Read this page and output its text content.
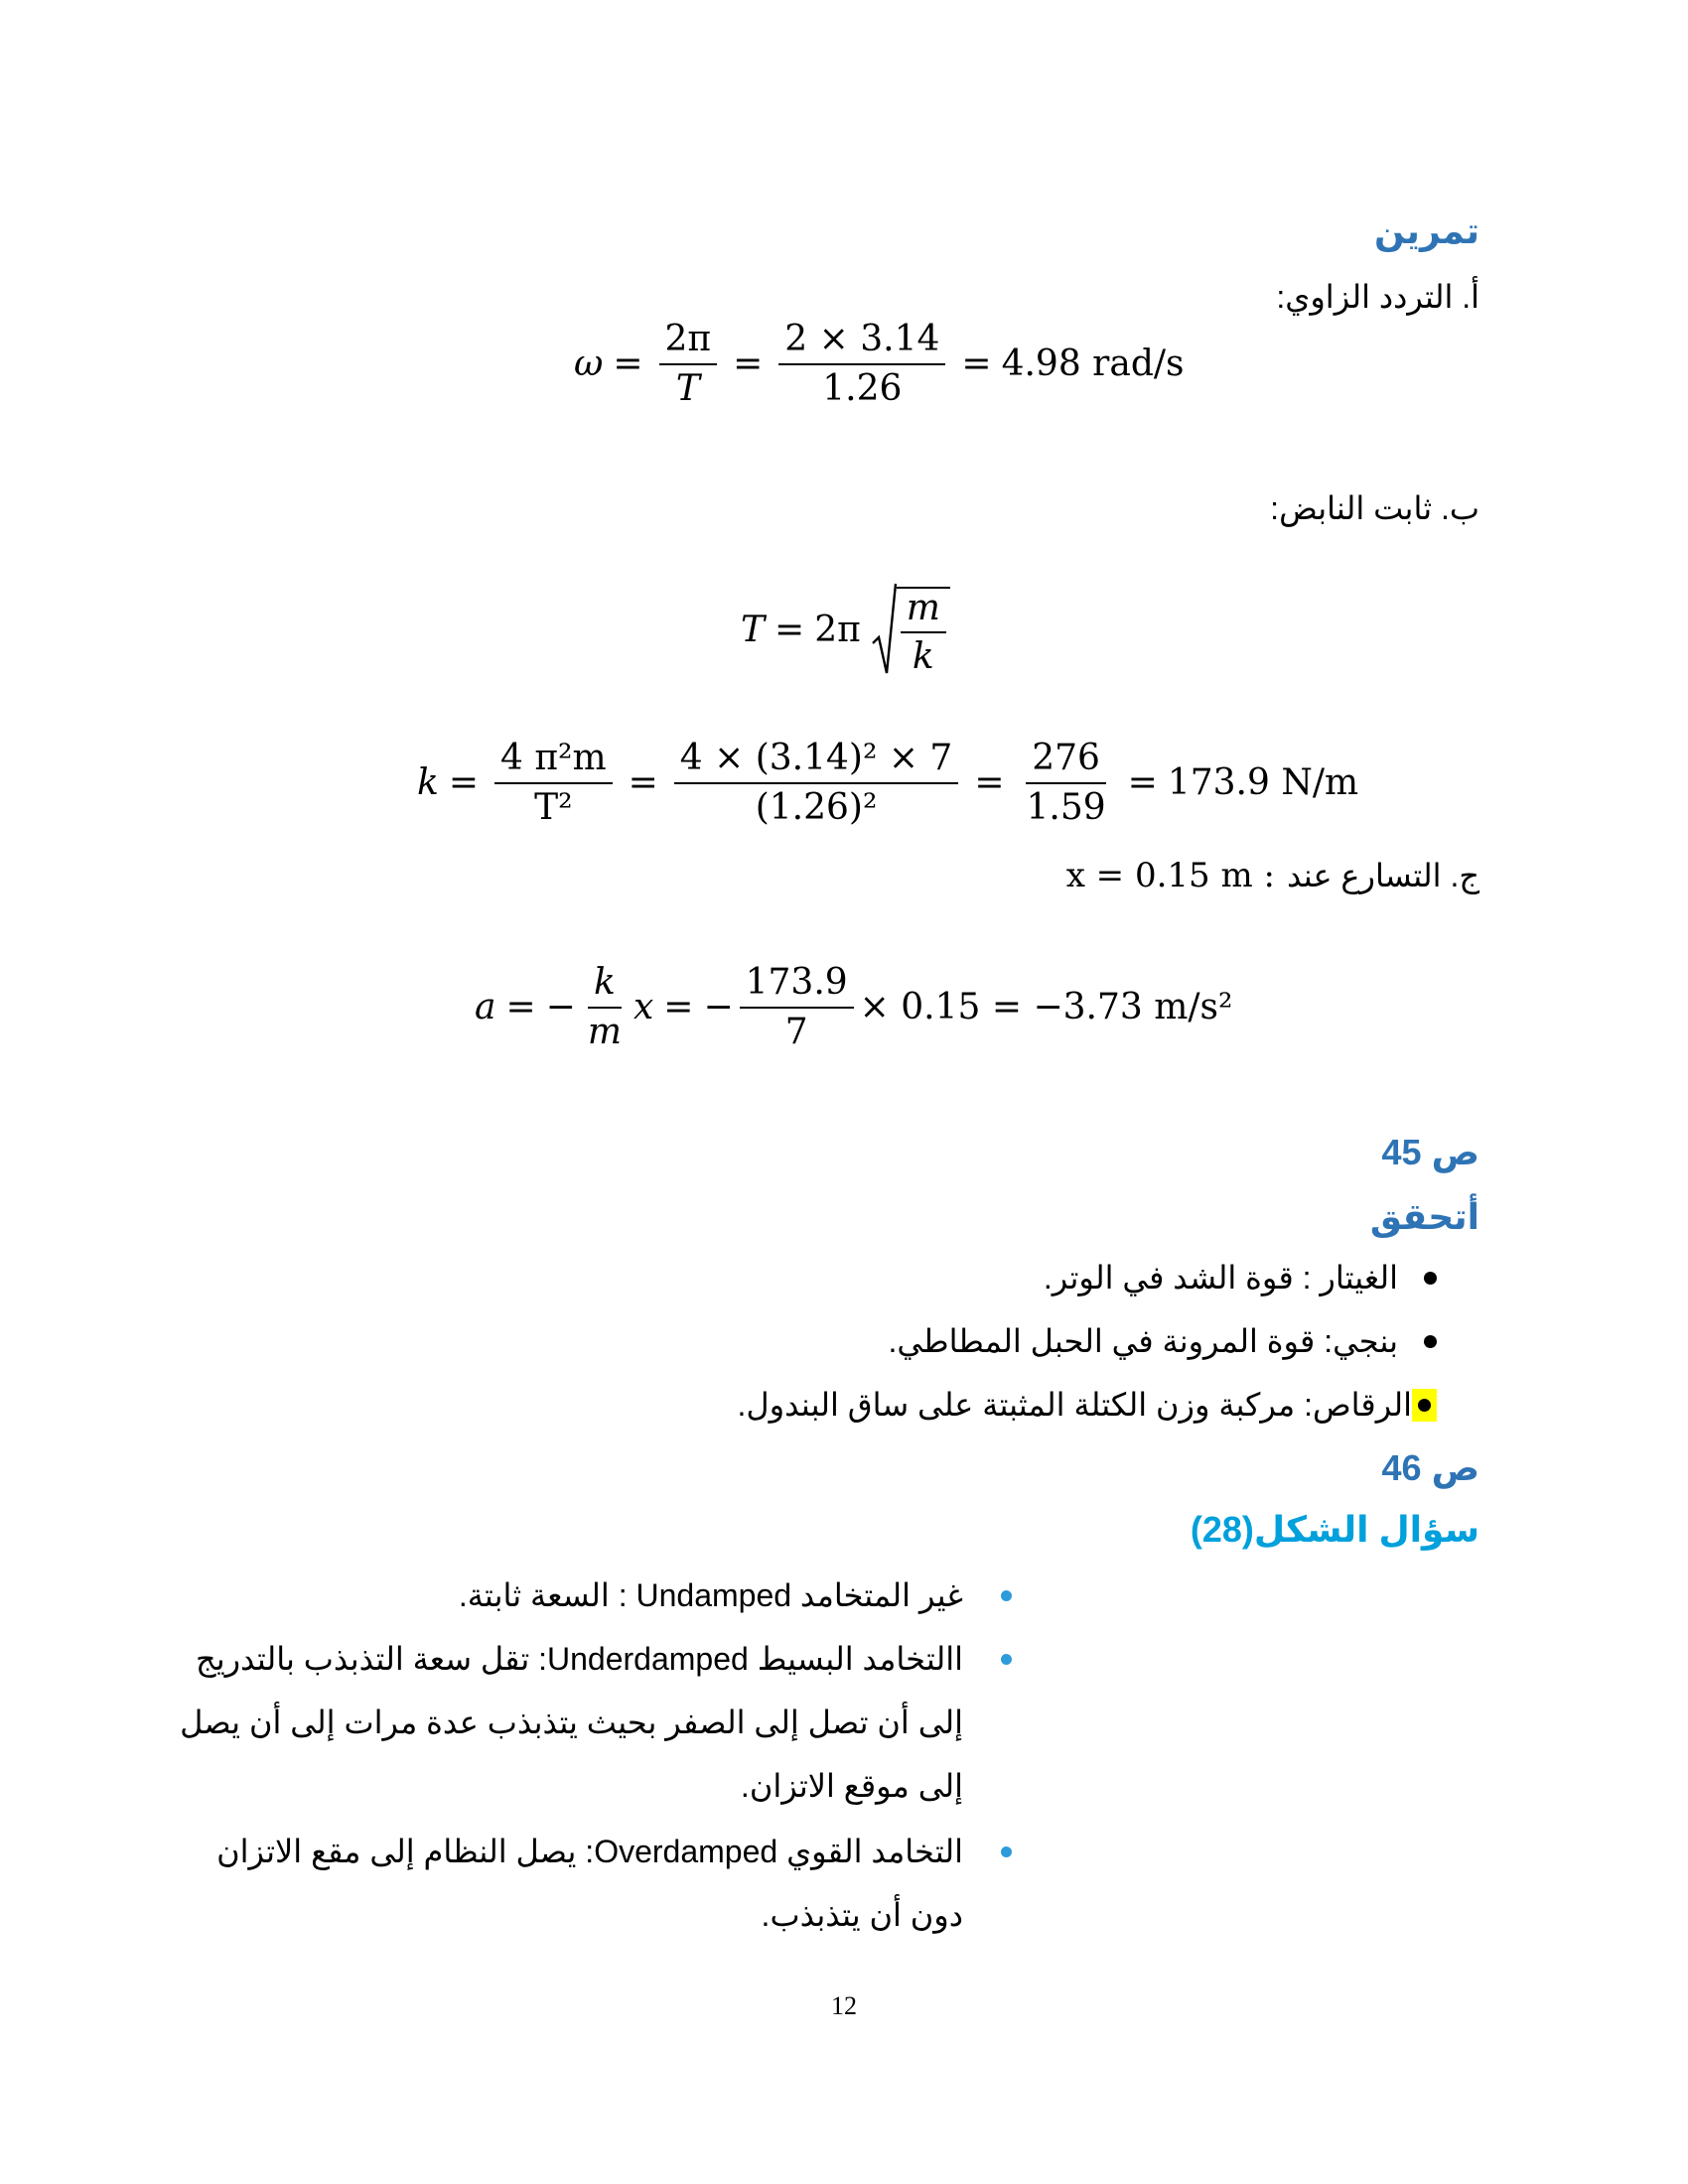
تمرين
أ. التردد الزاوي:
$\omega = \frac{2\pi}{T} = \frac{2 \times 3.14}{1.26} = 4.98$ rad/s
ب. ثابت النابض:
$T = 2\pi \frac{m}{k}$
$k = \frac{\text{4 π²m}}{\text{T²}} = \frac{\text{4 × (3.14)² × 7}}{\text{(1.26)²}} = \frac{276}{1.59} = 173.9$ N/m
ج. التسارع عند
x = 0.15 m :
a = − $\frac{k}{m}$ x = − $\frac{173.9}{7} \times 0.15 = -3.73$ m/s²
ص 45
أتحقق
الغيتار : قوة الشد في الوتر.
بنجي: قوة المرونة في الحبل المطاطي.
الرقاص: مركبة وزن الكتلة المثبتة على ساق البندول.
ص 46
سؤال الشكل(28)
غير المتخامد Undamped : السعة ثابتة.
االتخامد البسيط Underdamped: تقل سعة التذبذب بالتدريج
إلى أن تصل إلى الصفر بحيث يتذبذب عدة مرات إلى أن يصل
إلى موقع الاتزان.
التخامد القوي Overdamped: يصل النظام إلى مقع الاتزان
دون أن يتذبذب.
12
